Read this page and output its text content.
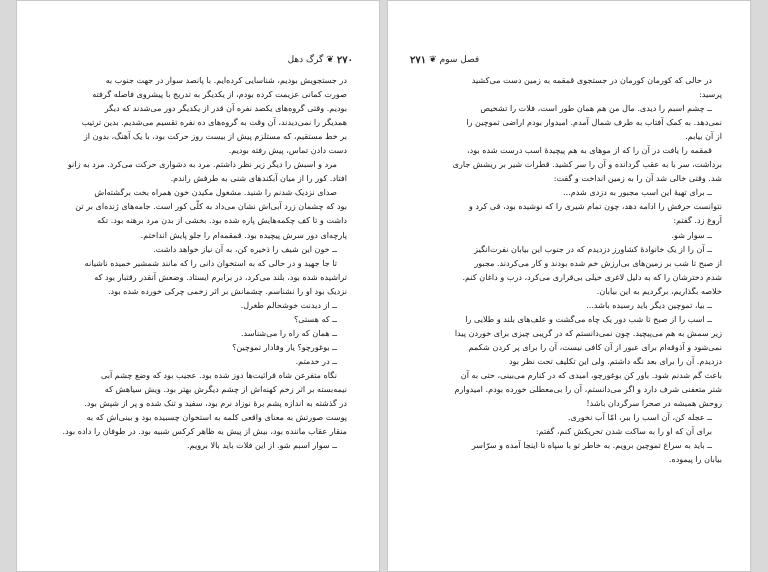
۲۷۰
❦
گرگ دهل
در جستجویش بودیم، شناسایی کرده‌ایم. با پانصد سوار در جهت جنوب به
صورت کمانی عزیمت کرده بودم، از یکدیگر به تدریج با پیشروی فاصله گرفته
بودیم. وقتی گروه‌های یکصد نفره آن قدر از یکدیگر دور می‌شدند که دیگر
همدیگر را نمی‌دیدند، آن وقت به گروه‌های ده نفره تقسیم می‌شدیم. بدین ترتیب
بر خط مستقیم، که مستلزم پیش از بیست روز حرکت بود، با یک آهنگ، بدون از
دست دادن تماس، پیش رفته بودیم.
مرد و اسبش را دیگر زیر نظر داشتم. مرد به دشواری حرکت می‌کرد. مرد به زانو
افتاد. کور را از میان آبکندهای شنی به طرفش راندم.
صدای نزدیک شدنم را شنید. مشغول مکیدن خون همراه بخت برگشته‌اش
بود که چشمان زرد آبی‌اش نشان می‌داد به کلّی کور است. جامه‌های ژنده‌ای بر تن
داشت و تا کف چکمه‌هایش پاره شده بود. بخشی از بدن مرد برهنه بود. تکه
پارچه‌ای دور سرش پیچیده بود. قمقمه‌ام را جلو پایش انداختم.
ــ خون این شیف را ذخیره کن، به آن نیاز خواهد داشت.
تا جا جهید و در حالی که به استخوان دانی را که مانند شمشیر خمیده ناشیانه
تراشیده شده بود، بلند می‌کرد، در برابرم ایستاد. وضعش آنقدر رقتبار بود که
نزدیک بود او را نشناسم. چشمانش بر اثر زخمی چرکی خورده شده بود.
ــ از دیدنت خوشحالم طغرل.
ــ که هستی؟
ــ همان که راه را می‌شناسد.
ــ بوغورچو؟ یار وفادار تموچین؟
ــ در خدمتم.
نگاه متفرعن شاه قراثیت‌ها دوز شده بود. عجیب بود که وضع چشم آبی
نیمه‌بسته بر اثر زخم کهنه‌اش از چشم دیگرش بهتر بود. ویش سیاهش که
در گذشته به اندازه پشم برهٔ نوزاد نرم بود، سفید و تنک شده و پر از شپش بود.
پوست صورتش به معنای واقعی کلمه به استخوان چسبیده بود و بینی‌اش که به
منقار عقاب ماننده بود، بیش از پیش به ظاهر کرکس شبیه بود. در طوفان را داده بود.
ــ سوار اسبم شو. از این فلات باید بالا برویم.
فصل سوم
❦
۲۷۱
در حالی که کورمان کورمان در جستجوی قمقمه به زمین دست می‌کشید
پرسید:
ــ چشم اسبم را دیدی. مال من هم همان طور است، فلات را تشخیص
نمی‌دهد. به کمک آفتاب به طرف شمال آمدم. امیدوار بودم اراضی تموچین را
از آن بیابم.
قمقمه را یافت در آن را که از موهای به هم پیچیدهٔ اسب درست شده بود،
برداشت، سر با به عقب گردانده و آن را سر کشید. قطرات شیر بر ریشش جاری
شد. وقتی خالی شد آن را به زمین انداخت و گفت:
ــ برای تهیهٔ این اسب مجبور به دزدی شدم...
نتوانست حرفش را ادامه دهد، چون تمام شیری را که نوشیده بود، قی کرد و
آروغ زد. گفتم:
ــ سوار شو.
ــ آن را از یک خانوادهٔ کشاورز دزدیدم که در جنوب این بیابان نفرت‌انگیز
از صبح تا شب بر زمین‌های بی‌ارزش خم شده بودند و کار می‌کردند. مجبور
شدم دخترشان را که به دلیل لاغری خیلی بی‌قراری می‌کرد، درب و داغان کنم.
خلاصه بگذاریم، برگردیم به این بیابان.
ــ بیا، تموچین دیگر باید رسیده باشد...
ــ اسب را از صبح تا شب دور یک چاه می‌گشت و علف‌های بلند و طلایی را
زیر سمش به هم می‌پیچید. چون نمی‌دانستم که در گریبی چیزی برای خوردن پیدا
نمی‌شود و آذوقه‌ام برای عبور از آن کافی نیست، آن را برای پر کردن شکمم
دزدیدم. آن را برای بعد نگه داشتم. ولی این تکلیف تحت نظر بود
باعث گم شدنم شود. باور کن بوغورچو، امیدی که در کنارم می‌بینی، حتی به آن
شتر متعفنی شرف دارد و اگر می‌دانستم، آن را بی‌معطلی خورده بودم. امیدوارم
روحش همیشه در صحرا سرگردان باشد!
ــ عجله کن، آن اسب را ببر، امّا آب نخوری.
برای آن که او را به ساکت شدن تحریکش کنم، گفتم:
ــ باید به سراغ تموچین برویم. به خاطر تو با سپاه تا اینجا آمده و سرّاسر
بیابان را پیموده.
